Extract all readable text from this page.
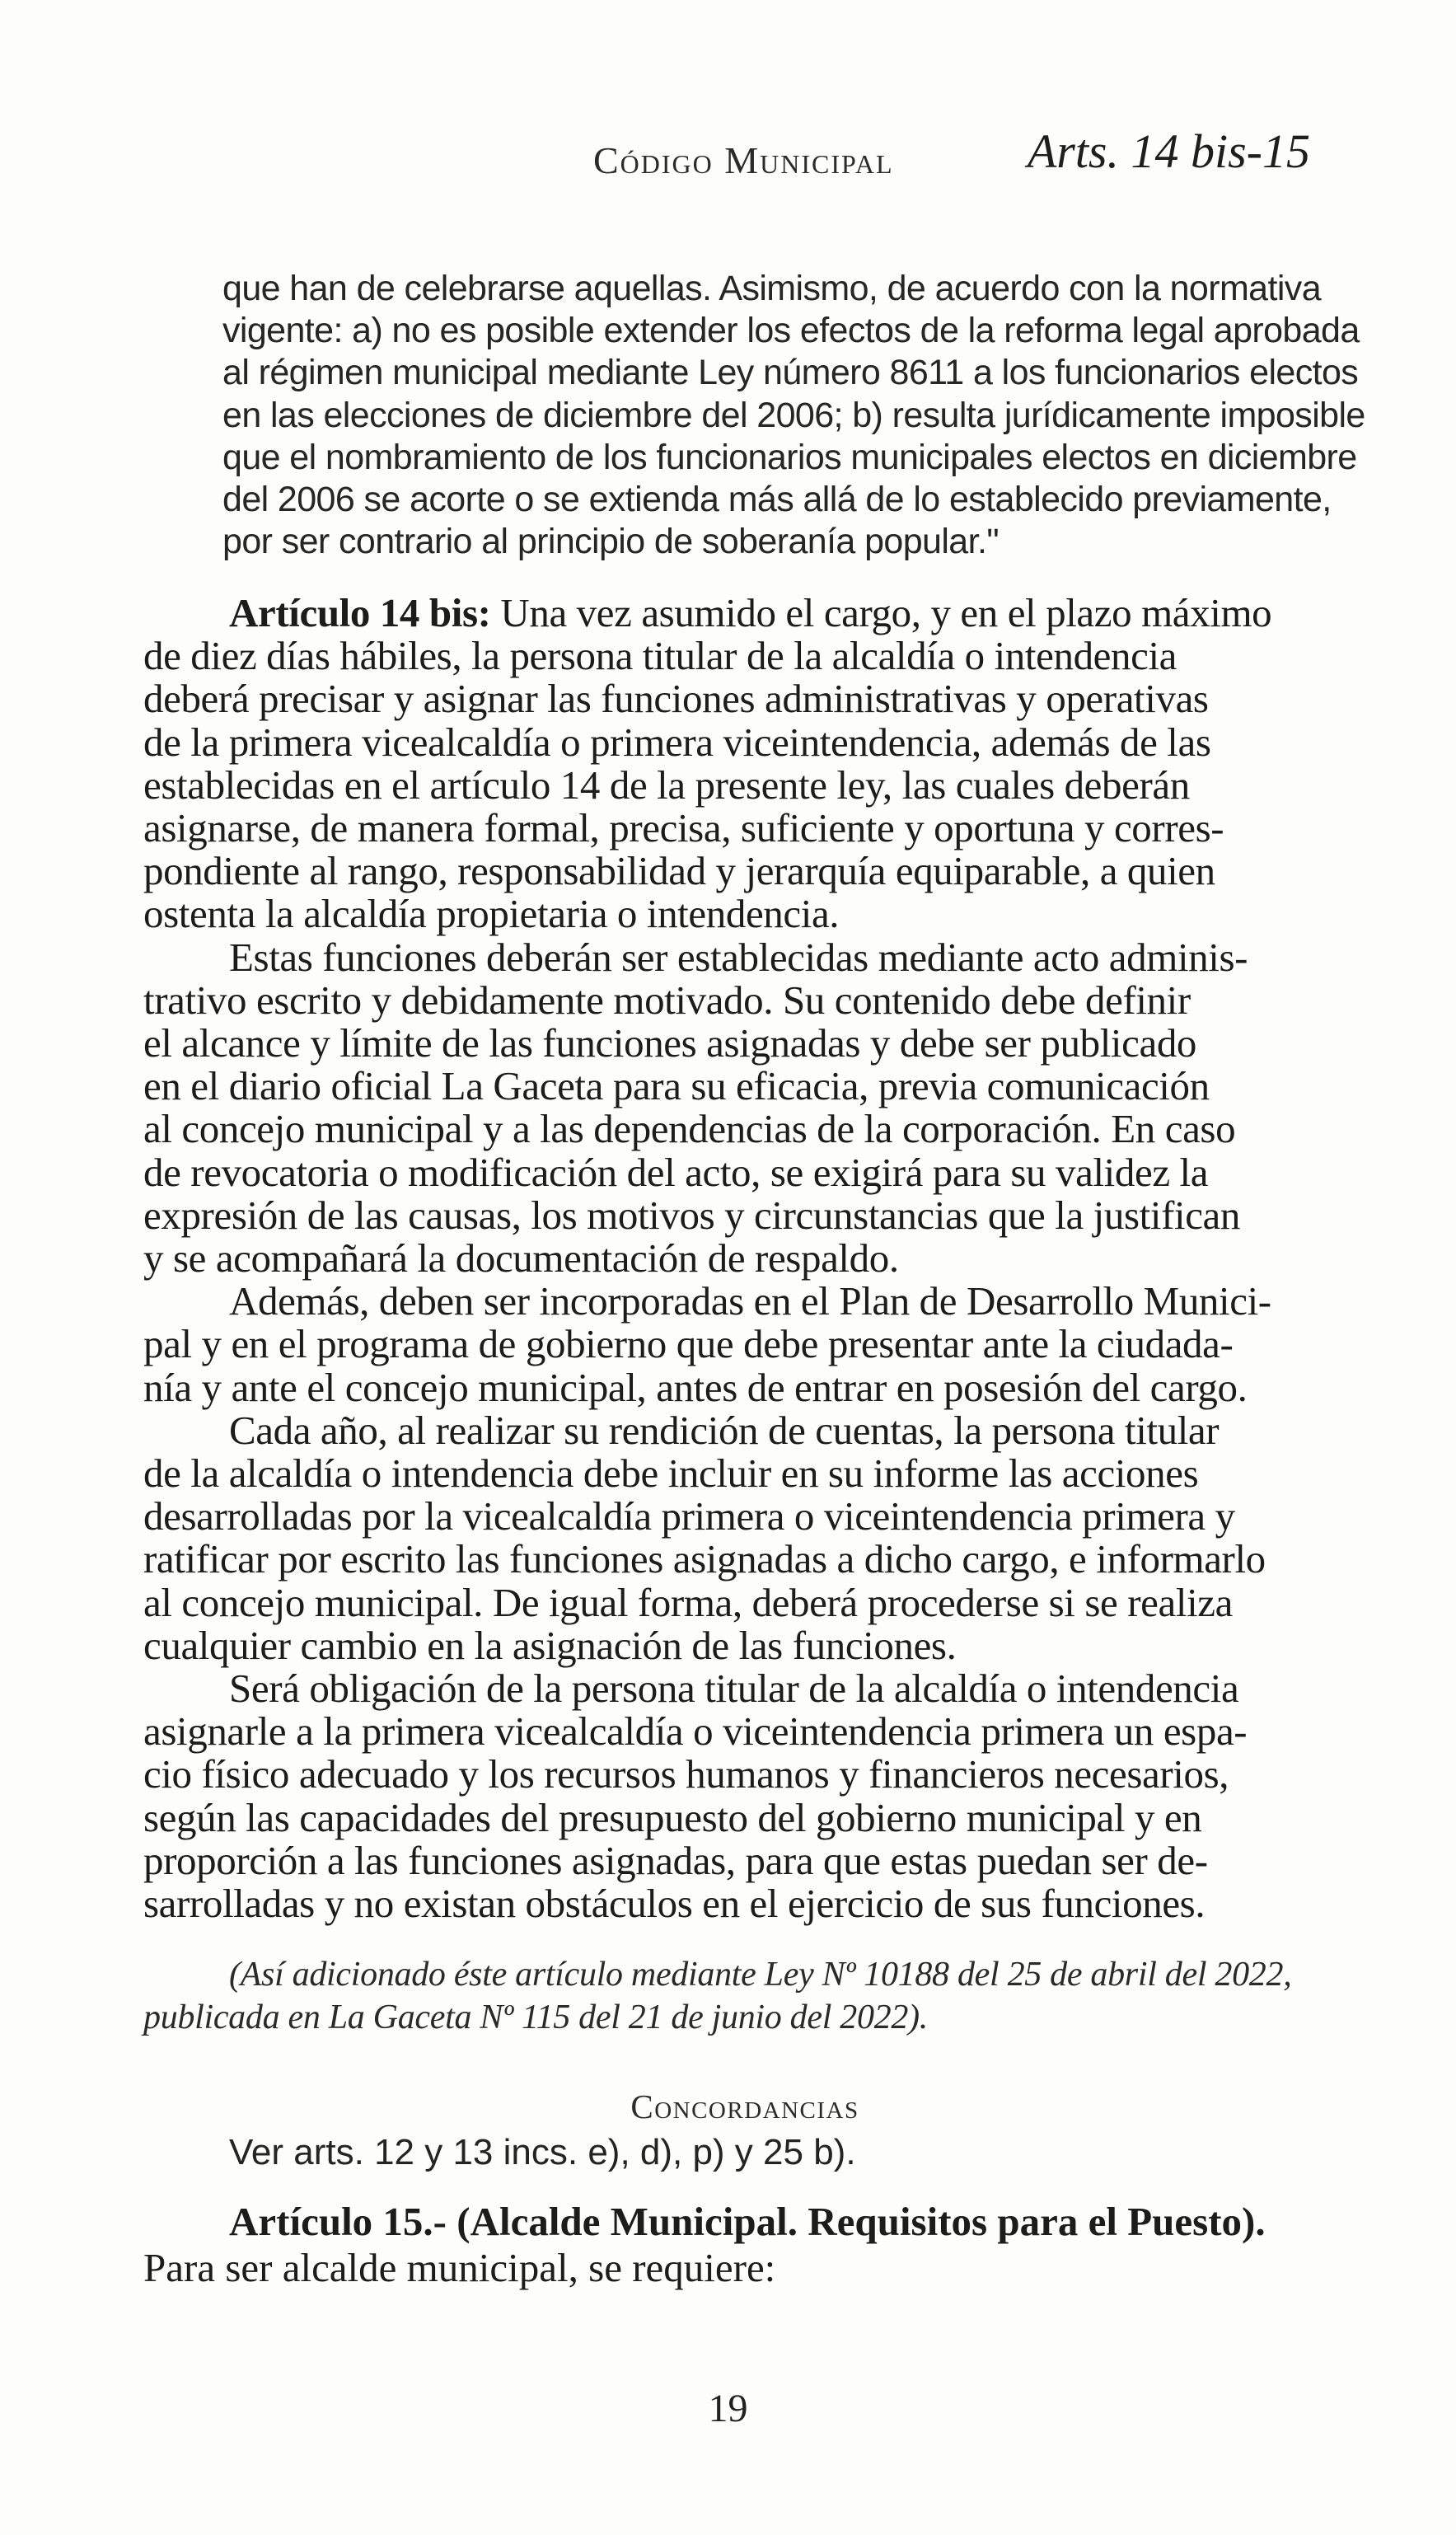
Código Municipal	Arts. 14 bis-15
que han de celebrarse aquellas. Asimismo, de acuerdo con la normativa
vigente: a) no es posible extender los efectos de la reforma legal aprobada
al régimen municipal mediante Ley número 8611 a los funcionarios electos
en las elecciones de diciembre del 2006; b) resulta jurídicamente imposible
que el nombramiento de los funcionarios municipales electos en diciembre
del 2006 se acorte o se extienda más allá de lo establecido previamente,
por ser contrario al principio de soberanía popular."
Artículo 14 bis: Una vez asumido el cargo, y en el plazo máximo
de diez días hábiles, la persona titular de la alcaldía o intendencia
deberá precisar y asignar las funciones administrativas y operativas
de la primera vicealcaldía o primera viceintendencia, además de las
establecidas en el artículo 14 de la presente ley, las cuales deberán
asignarse, de manera formal, precisa, suficiente y oportuna y corres-
pondiente al rango, responsabilidad y jerarquía equiparable, a quien
ostenta la alcaldía propietaria o intendencia.
Estas funciones deberán ser establecidas mediante acto adminis-
trativo escrito y debidamente motivado. Su contenido debe definir
el alcance y límite de las funciones asignadas y debe ser publicado
en el diario oficial La Gaceta para su eficacia, previa comunicación
al concejo municipal y a las dependencias de la corporación. En caso
de revocatoria o modificación del acto, se exigirá para su validez la
expresión de las causas, los motivos y circunstancias que la justifican
y se acompañará la documentación de respaldo.
Además, deben ser incorporadas en el Plan de Desarrollo Munici-
pal y en el programa de gobierno que debe presentar ante la ciudada-
nía y ante el concejo municipal, antes de entrar en posesión del cargo.
Cada año, al realizar su rendición de cuentas, la persona titular
de la alcaldía o intendencia debe incluir en su informe las acciones
desarrolladas por la vicealcaldía primera o viceintendencia primera y
ratificar por escrito las funciones asignadas a dicho cargo, e informarlo
al concejo municipal. De igual forma, deberá procederse si se realiza
cualquier cambio en la asignación de las funciones.
Será obligación de la persona titular de la alcaldía o intendencia
asignarle a la primera vicealcaldía o viceintendencia primera un espa-
cio físico adecuado y los recursos humanos y financieros necesarios,
según las capacidades del presupuesto del gobierno municipal y en
proporción a las funciones asignadas, para que estas puedan ser de-
sarrolladas y no existan obstáculos en el ejercicio de sus funciones.
(Así adicionado éste artículo mediante Ley Nº 10188 del 25 de abril del 2022,
publicada en La Gaceta Nº 115 del 21 de junio del 2022).
Concordancias
Ver arts. 12 y 13 incs. e), d), p) y 25 b).
Artículo 15.- (Alcalde Municipal. Requisitos para el Puesto).
Para ser alcalde municipal, se requiere:
19
